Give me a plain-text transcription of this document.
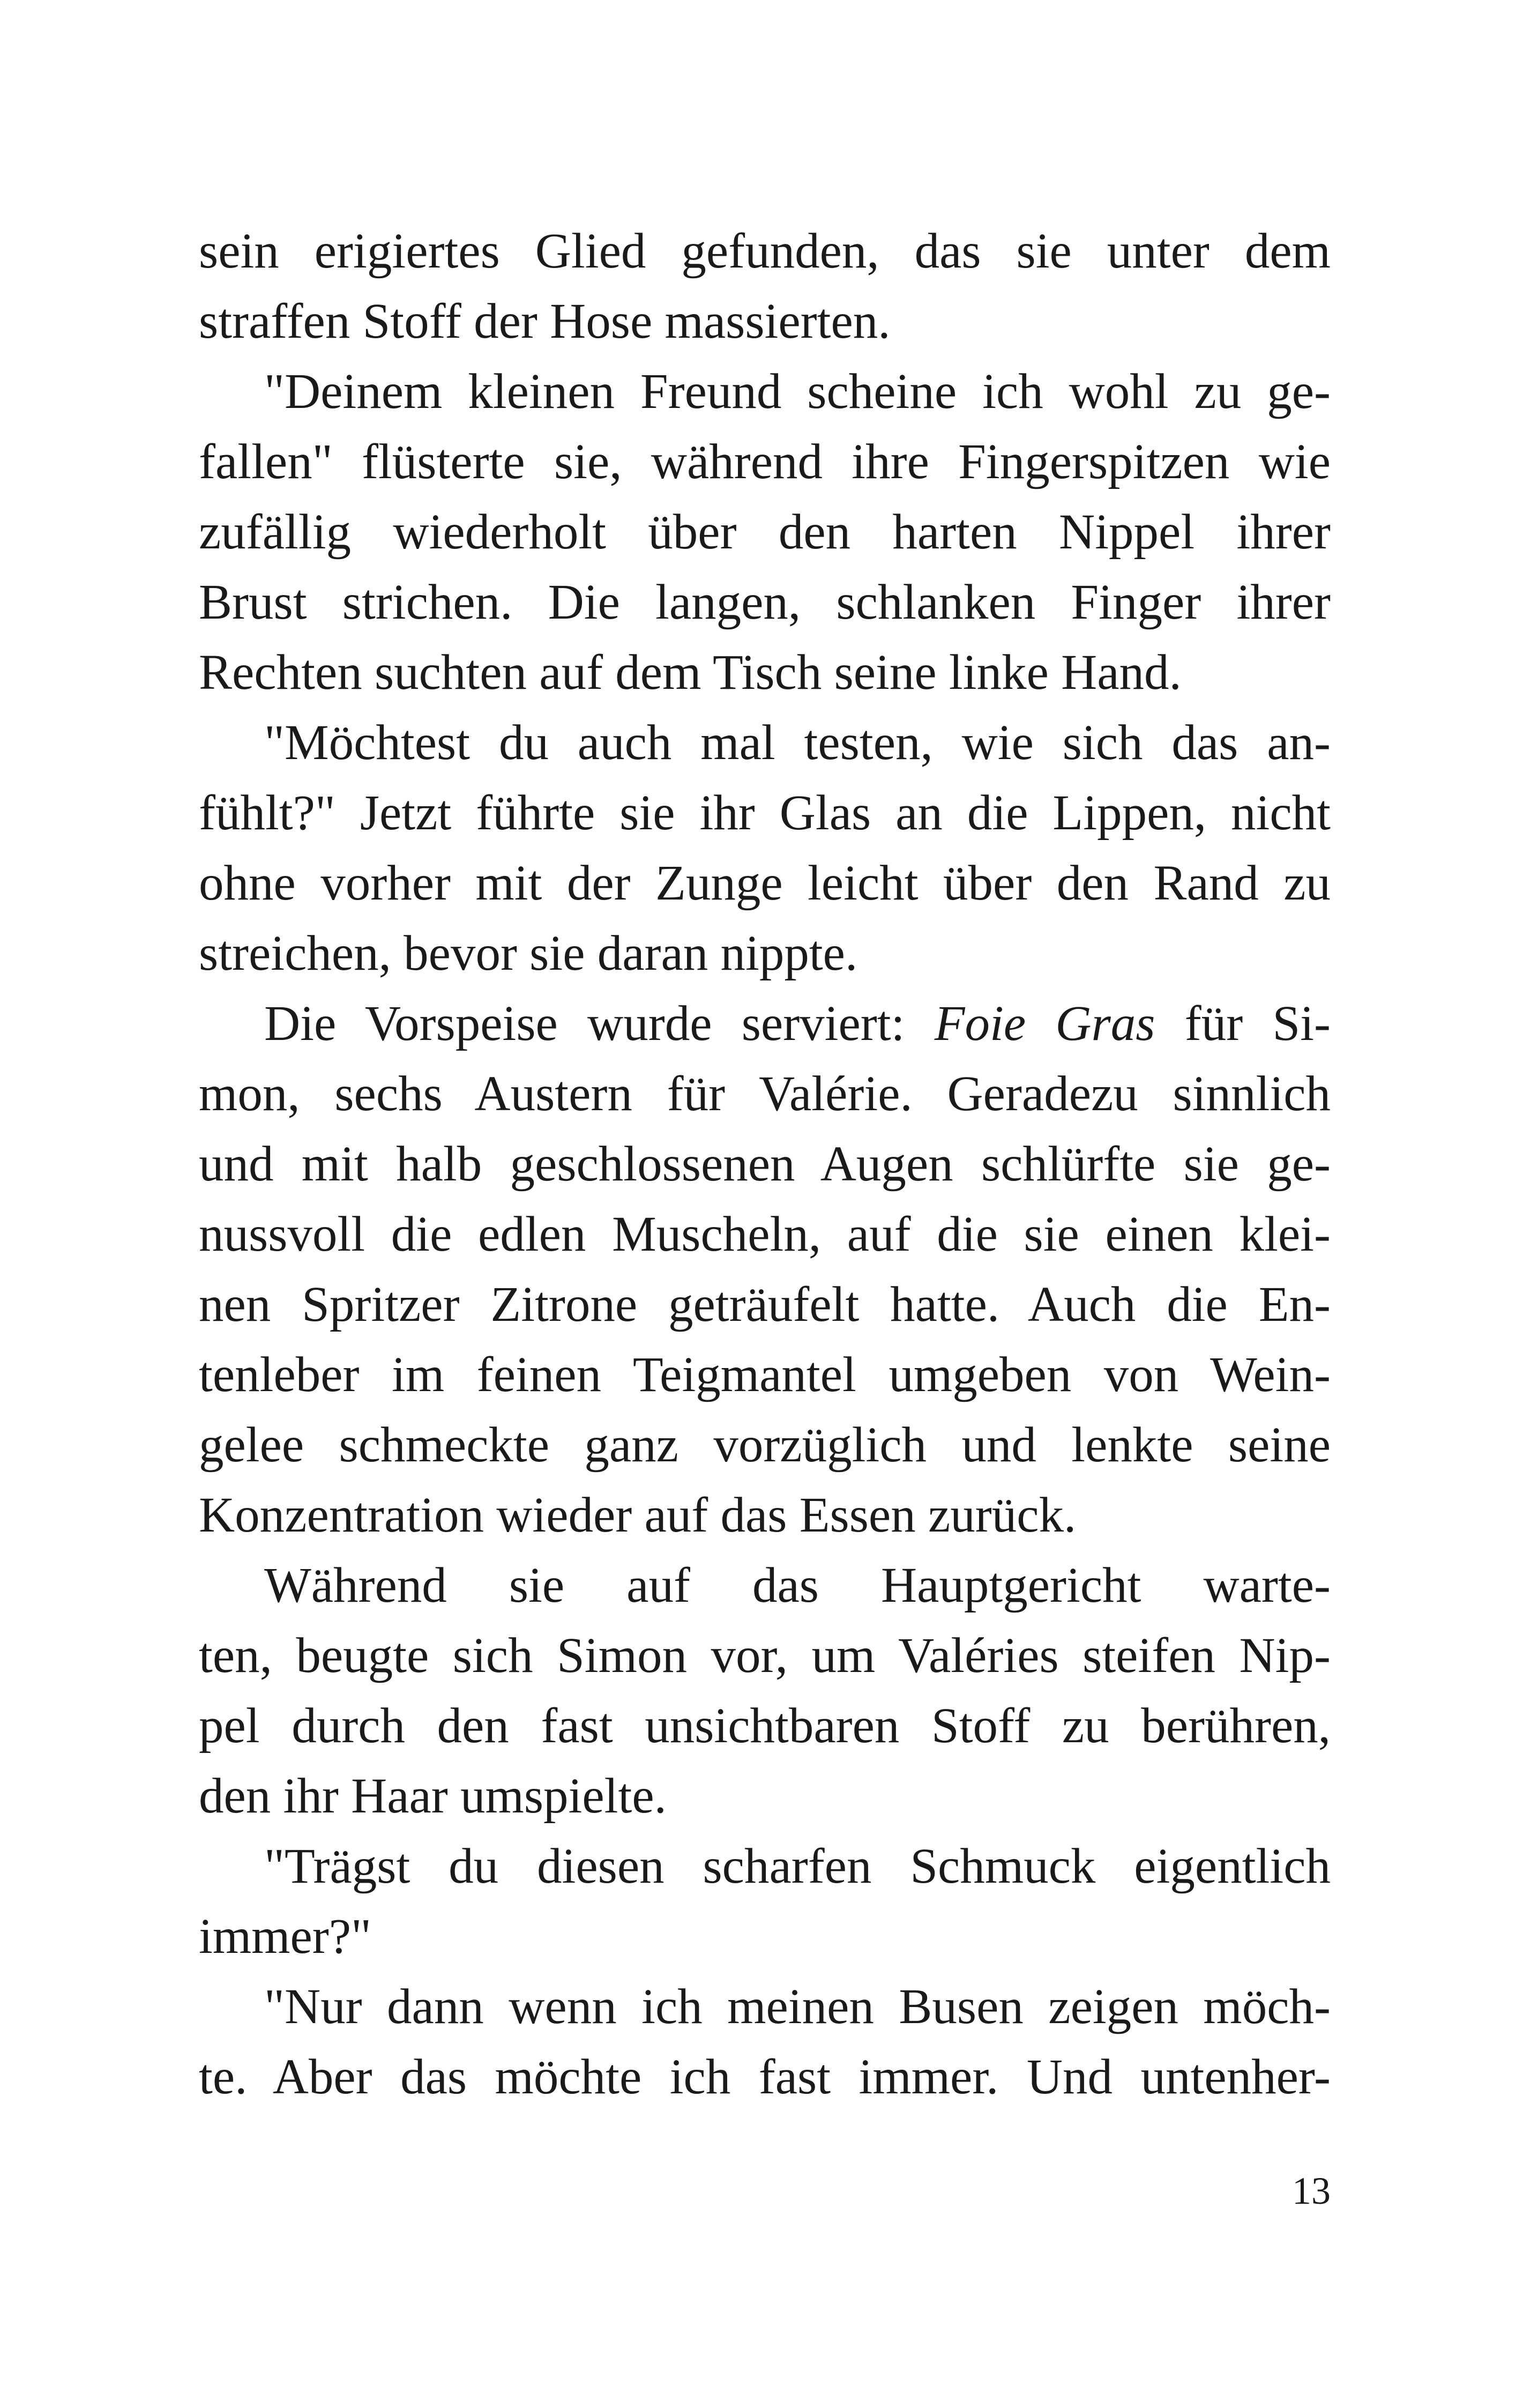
sein erigiertes Glied gefunden, das sie unter dem
straffen Stoff der Hose massierten.
"Deinem kleinen Freund scheine ich wohl zu ge-
fallen" flüsterte sie, während ihre Fingerspitzen wie
zufällig wiederholt über den harten Nippel ihrer
Brust strichen. Die langen, schlanken Finger ihrer
Rechten suchten auf dem Tisch seine linke Hand.
"Möchtest du auch mal testen, wie sich das an-
fühlt?" Jetzt führte sie ihr Glas an die Lippen, nicht
ohne vorher mit der Zunge leicht über den Rand zu
streichen, bevor sie daran nippte.
Die Vorspeise wurde serviert: Foie Gras für Si-
mon, sechs Austern für Valérie. Geradezu sinnlich
und mit halb geschlossenen Augen schlürfte sie ge-
nussvoll die edlen Muscheln, auf die sie einen klei-
nen Spritzer Zitrone geträufelt hatte. Auch die En-
tenleber im feinen Teigmantel umgeben von Wein-
gelee schmeckte ganz vorzüglich und lenkte seine
Konzentration wieder auf das Essen zurück.
Während sie auf das Hauptgericht warte-
ten, beugte sich Simon vor, um Valéries steifen Nip-
pel durch den fast unsichtbaren Stoff zu berühren,
den ihr Haar umspielte.
"Trägst du diesen scharfen Schmuck eigentlich
immer?"
"Nur dann wenn ich meinen Busen zeigen möch-
te. Aber das möchte ich fast immer. Und untenher-
13
